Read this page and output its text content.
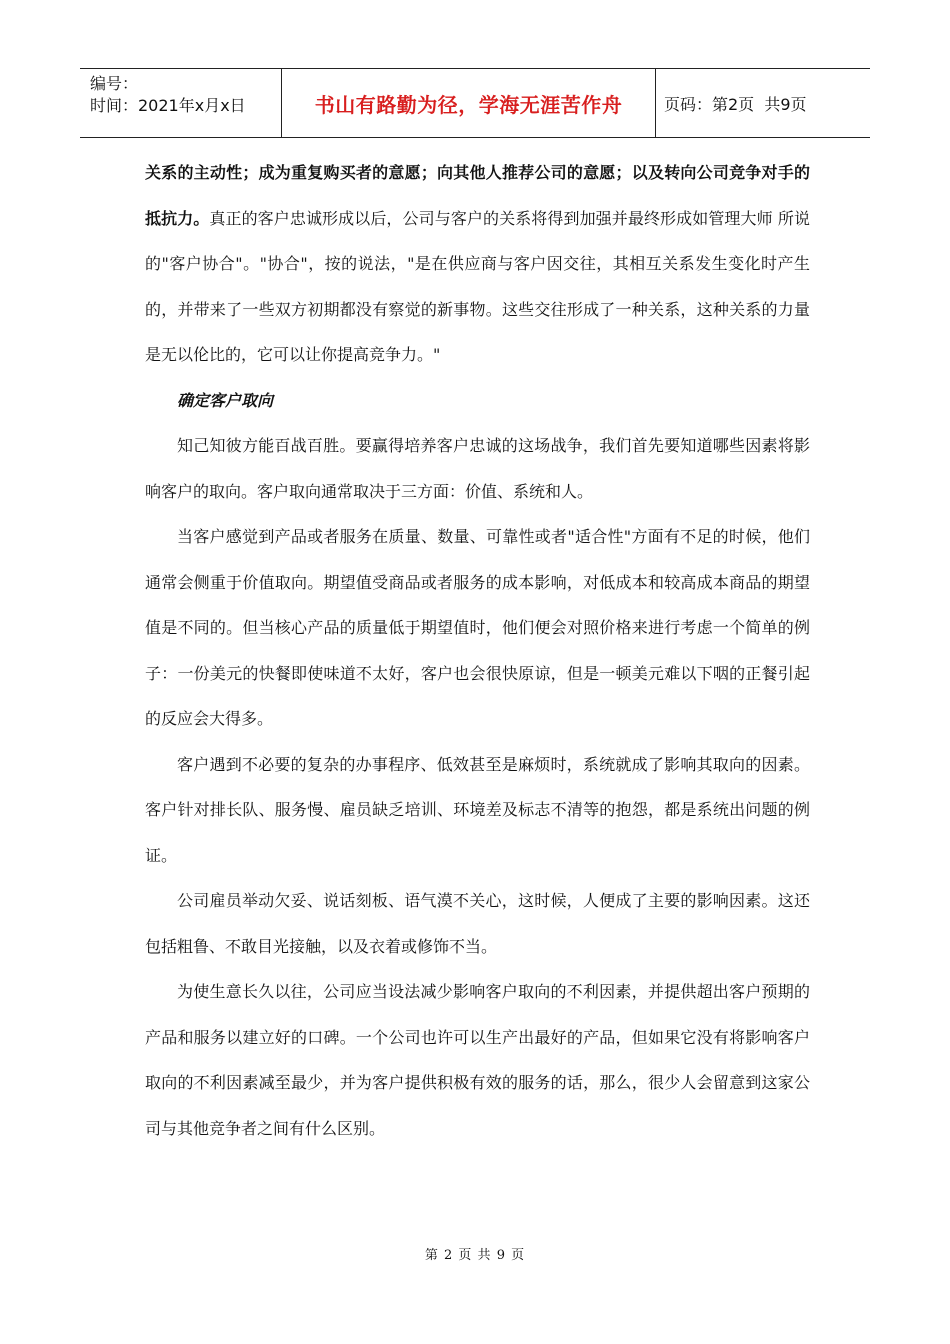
编号：
时间：2021年x月x日	书山有路勤为径，学海无涯苦作舟	页码：第2页  共9页

关系的主动性；成为重复购买者的意愿；向其他人推荐公司的意愿；以及转向公司竞争对手的抵抗力。真正的客户忠诚形成以后，公司与客户的关系将得到加强并最终形成如管理大师 所说的"客户协合"。"协合"，按的说法，"是在供应商与客户因交往，其相互关系发生变化时产生的，并带来了一些双方初期都没有察觉的新事物。这些交往形成了一种关系，这种关系的力量是无以伦比的，它可以让你提高竞争力。"

确定客户取向

知己知彼方能百战百胜。要赢得培养客户忠诚的这场战争，我们首先要知道哪些因素将影响客户的取向。客户取向通常取决于三方面：价值、系统和人。

当客户感觉到产品或者服务在质量、数量、可靠性或者"适合性"方面有不足的时候，他们通常会侧重于价值取向。期望值受商品或者服务的成本影响，对低成本和较高成本商品的期望值是不同的。但当核心产品的质量低于期望值时，他们便会对照价格来进行考虑一个简单的例子：一份美元的快餐即使味道不太好，客户也会很快原谅，但是一顿美元难以下咽的正餐引起的反应会大得多。

客户遇到不必要的复杂的办事程序、低效甚至是麻烦时，系统就成了影响其取向的因素。客户针对排长队、服务慢、雇员缺乏培训、环境差及标志不清等的抱怨，都是系统出问题的例证。

公司雇员举动欠妥、说话刻板、语气漠不关心，这时候，人便成了主要的影响因素。这还包括粗鲁、不敢目光接触，以及衣着或修饰不当。

为使生意长久以往，公司应当设法减少影响客户取向的不利因素，并提供超出客户预期的产品和服务以建立好的口碑。一个公司也许可以生产出最好的产品，但如果它没有将影响客户取向的不利因素减至最少，并为客户提供积极有效的服务的话，那么，很少人会留意到这家公司与其他竞争者之间有什么区别。

第 2 页 共 9 页
